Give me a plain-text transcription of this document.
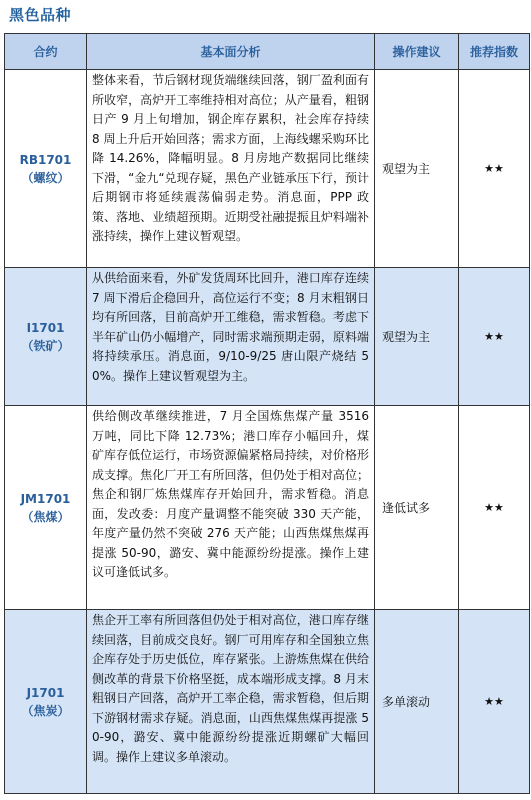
黑色品种
合约	基本面分析	操作建议	推荐指数

RB1701
（螺纹）	整体来看，节后钢材现货端继续回落，钢厂盈利面有所收窄，高炉开工率维持相对高位；从产量看，粗钢日产 9 月上旬增加，钢企库存累积，社会库存持续 8 周上升后开始回落；需求方面，上海线螺采购环比降 14.26%，降幅明显。8 月房地产数据同比继续下滑，“金九“兑现存疑，黑色产业链承压下行，预计后期钢市将延续震荡偏弱走势。消息面，PPP 政策、落地、业绩超预期。近期受社融提振且炉料端补涨持续，操作上建议暂观望。	观望为主	★★

I1701
（铁矿）	从供给面来看，外矿发货周环比回升，港口库存连续 7 周下滑后企稳回升，高位运行不变；8 月末粗钢日均有所回落，目前高炉开工维稳，需求暂稳。考虑下半年矿山仍小幅增产，同时需求端预期走弱，原料端将持续承压。消息面，9/10-9/25 唐山限产烧结 50%。操作上建议暂观望为主。	观望为主	★★

JM1701
（焦煤）	供给侧改革继续推进，7 月全国炼焦煤产量 3516 万吨，同比下降 12.73%；港口库存小幅回升，煤矿库存低位运行，市场资源偏紧格局持续，对价格形成支撑。焦化厂开工有所回落，但仍处于相对高位；焦企和钢厂炼焦煤库存开始回升，需求暂稳。消息面，发改委：月度产量调整不能突破 330 天产能，年度产量仍然不突破 276 天产能；山西焦煤焦煤再提涨 50-90，潞安、冀中能源纷纷提涨。操作上建议可逢低试多。	逢低试多	★★

J1701
（焦炭）	焦企开工率有所回落但仍处于相对高位，港口库存继续回落，目前成交良好。钢厂可用库存和全国独立焦企库存处于历史低位，库存紧张。上游炼焦煤在供给侧改革的背景下价格坚挺，成本端形成支撑。8 月末粗钢日产回落，高炉开工率企稳，需求暂稳，但后期下游钢材需求存疑。消息面，山西焦煤焦煤再提涨 50-90，潞安、冀中能源纷纷提涨近期螺矿大幅回调。操作上建议多单滚动。	多单滚动	★★
